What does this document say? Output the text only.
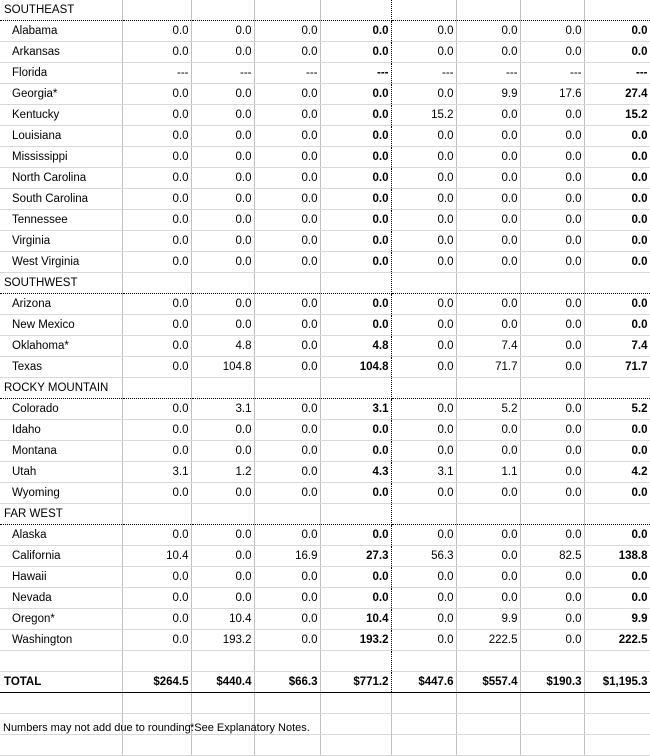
SOUTHEAST								
Alabama	0.0	0.0	0.0	0.0	0.0	0.0	0.0	0.0
Arkansas	0.0	0.0	0.0	0.0	0.0	0.0	0.0	0.0
Florida	---	---	---	---	---	---	---	---
Georgia*	0.0	0.0	0.0	0.0	0.0	9.9	17.6	27.4
Kentucky	0.0	0.0	0.0	0.0	15.2	0.0	0.0	15.2
Louisiana	0.0	0.0	0.0	0.0	0.0	0.0	0.0	0.0
Mississippi	0.0	0.0	0.0	0.0	0.0	0.0	0.0	0.0
North Carolina	0.0	0.0	0.0	0.0	0.0	0.0	0.0	0.0
South Carolina	0.0	0.0	0.0	0.0	0.0	0.0	0.0	0.0
Tennessee	0.0	0.0	0.0	0.0	0.0	0.0	0.0	0.0
Virginia	0.0	0.0	0.0	0.0	0.0	0.0	0.0	0.0
West Virginia	0.0	0.0	0.0	0.0	0.0	0.0	0.0	0.0
SOUTHWEST								
Arizona	0.0	0.0	0.0	0.0	0.0	0.0	0.0	0.0
New Mexico	0.0	0.0	0.0	0.0	0.0	0.0	0.0	0.0
Oklahoma*	0.0	4.8	0.0	4.8	0.0	7.4	0.0	7.4
Texas	0.0	104.8	0.0	104.8	0.0	71.7	0.0	71.7
ROCKY MOUNTAIN								
Colorado	0.0	3.1	0.0	3.1	0.0	5.2	0.0	5.2
Idaho	0.0	0.0	0.0	0.0	0.0	0.0	0.0	0.0
Montana	0.0	0.0	0.0	0.0	0.0	0.0	0.0	0.0
Utah	3.1	1.2	0.0	4.3	3.1	1.1	0.0	4.2
Wyoming	0.0	0.0	0.0	0.0	0.0	0.0	0.0	0.0
FAR WEST								
Alaska	0.0	0.0	0.0	0.0	0.0	0.0	0.0	0.0
California	10.4	0.0	16.9	27.3	56.3	0.0	82.5	138.8
Hawaii	0.0	0.0	0.0	0.0	0.0	0.0	0.0	0.0
Nevada	0.0	0.0	0.0	0.0	0.0	0.0	0.0	0.0
Oregon*	0.0	10.4	0.0	10.4	0.0	9.9	0.0	9.9
Washington	0.0	193.2	0.0	193.2	0.0	222.5	0.0	222.5

TOTAL	$264.5	$440.4	$66.3	$771.2	$447.6	$557.4	$190.3	$1,195.3

Numbers may not add due to rounding.
*See Explanatory Notes.
